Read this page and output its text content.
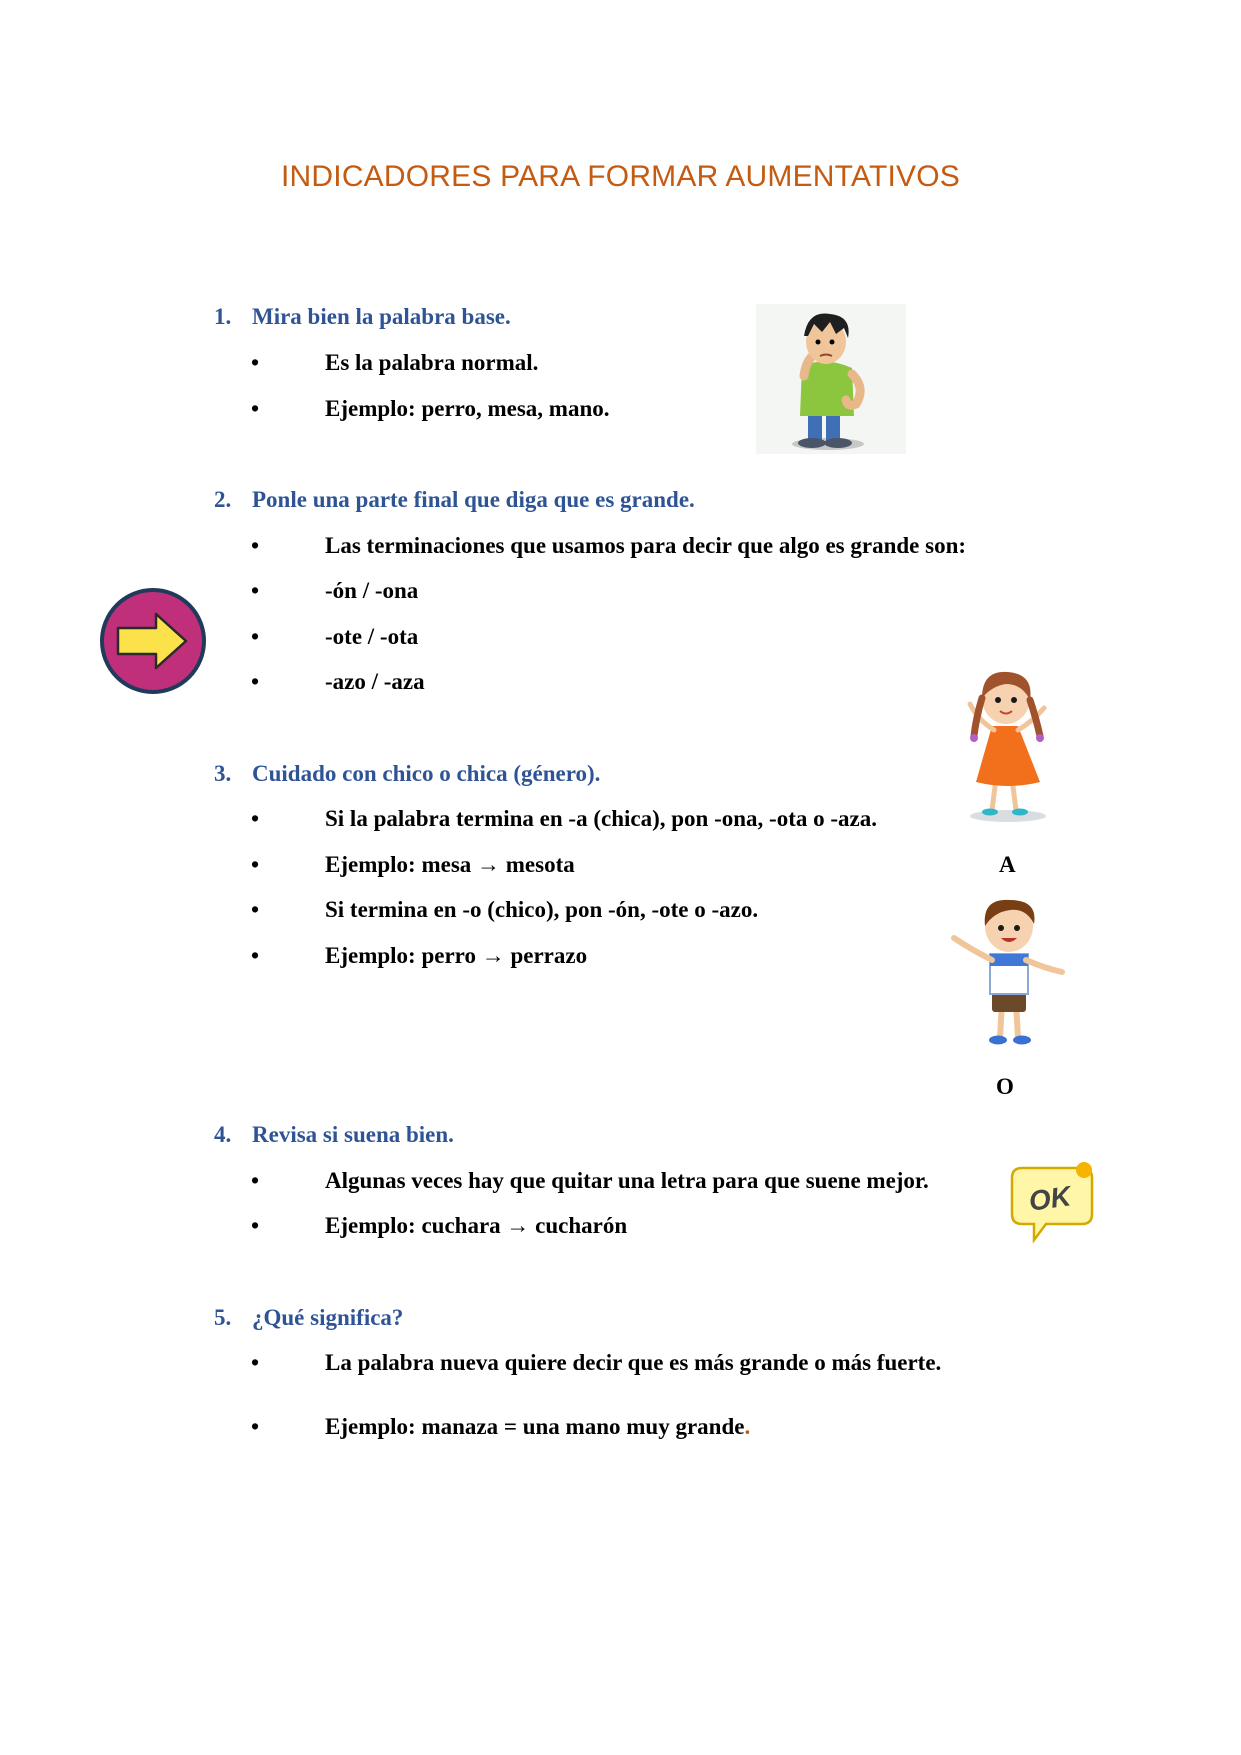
INDICADORES PARA FORMAR AUMENTATIVOS
1. Mira bien la palabra base.
•	Es la palabra normal.
•	Ejemplo: perro, mesa, mano.
2. Ponle una parte final que diga que es grande.
•	Las terminaciones que usamos para decir que algo es grande son:
•	-ón / -ona
•	-ote / -ota
•	-azo / -aza
3. Cuidado con chico o chica (género).
•	Si la palabra termina en -a (chica), pon -ona, -ota o -aza.
•	Ejemplo: mesa → mesota
•	Si termina en -o (chico), pon -ón, -ote o -azo.
•	Ejemplo: perro → perrazo
4. Revisa si suena bien.
•	Algunas veces hay que quitar una letra para que suene mejor.
•	Ejemplo: cuchara → cucharón
5. ¿Qué significa?
•	La palabra nueva quiere decir que es más grande o más fuerte.
•	Ejemplo: manaza = una mano muy grande.
A
O
OK
